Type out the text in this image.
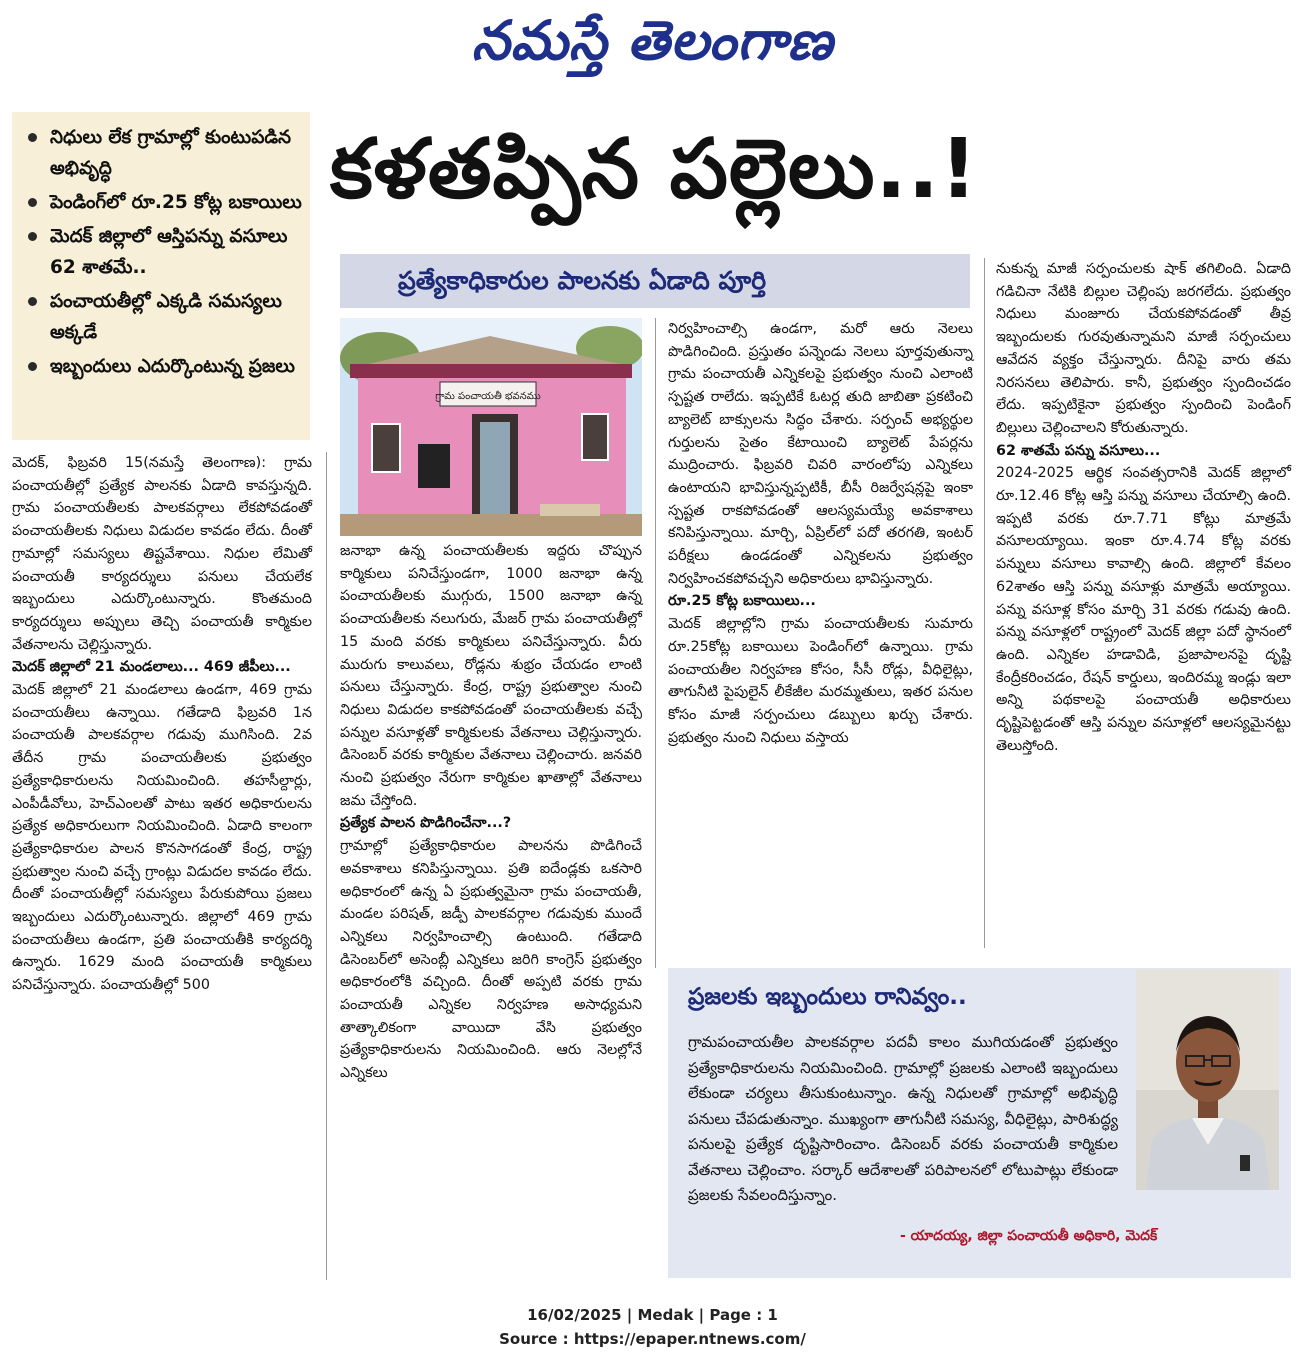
నమస్తే తెలంగాణ
నిధులు లేక గ్రామాల్లో కుంటుపడిన అభివృద్ధి
పెండింగ్‌లో రూ.25 కోట్ల బకాయిలు
మెదక్ జిల్లాలో ఆస్తిపన్ను వసూలు 62 శాతమే..
పంచాయతీల్లో ఎక్కడి సమస్యలు అక్కడే
ఇబ్బందులు ఎదుర్కొంటున్న ప్రజలు
కళతప్పిన పల్లెలు..!
ప్రత్యేకాధికారుల పాలనకు ఏడాది పూర్తి
గ్రామ పంచాయతీ భవనము

మెదక్, ఫిబ్రవరి 15(నమస్తే తెలంగాణ): గ్రామ పంచాయతీల్లో ప్రత్యేక పాలనకు ఏడాది కావస్తున్నది. గ్రామ పంచాయతీలకు పాలకవర్గాలు లేకపోవడంతో పంచాయతీలకు నిధులు విడుదల కావడం లేదు. దీంతో గ్రామాల్లో సమస్యలు తిష్టవేశాయి. నిధుల లేమితో పంచాయతీ కార్యదర్శులు పనులు చేయలేక ఇబ్బందులు ఎదుర్కొంటున్నారు. కొంతమంది కార్యదర్శులు అప్పులు తెచ్చి పంచాయతీ కార్మికుల వేతనాలను చెల్లిస్తున్నారు.

మెదక్ జిల్లాలో 21 మండలాలు... 469 జీపీలు...

మెదక్ జిల్లాలో 21 మండలాలు ఉండగా, 469 గ్రామ పంచాయతీలు ఉన్నాయి. గతేడాది ఫిబ్రవరి 1న పంచాయతీ పాలకవర్గాల గడువు ముగిసింది. 2వ తేదీన గ్రామ పంచాయతీలకు ప్రభుత్వం ప్రత్యేకాధికారులను నియమించింది. తహసీల్దార్లు, ఎంపీడీవోలు, హెచ్ఎంలతో పాటు ఇతర అధికారులను ప్రత్యేక అధికారులుగా నియమించింది. ఏడాది కాలంగా ప్రత్యేకాధికారుల పాలన కొనసాగడంతో కేంద్ర, రాష్ట్ర ప్రభుత్వాల నుంచి వచ్చే గ్రాంట్లు విడుదల కావడం లేదు. దీంతో పంచాయతీల్లో సమస్యలు పేరుకుపోయి ప్రజలు ఇబ్బందులు ఎదుర్కొంటున్నారు. జిల్లాలో 469 గ్రామ పంచాయతీలు ఉండగా, ప్రతి పంచాయతీకి కార్యదర్శి ఉన్నారు. 1629 మంది పంచాయతీ కార్మికులు పనిచేస్తున్నారు. పంచాయతీల్లో 500

జనాభా ఉన్న పంచాయతీలకు ఇద్దరు చొప్పున కార్మికులు పనిచేస్తుండగా, 1000 జనాభా ఉన్న పంచాయతీలకు ముగ్గురు, 1500 జనాభా ఉన్న పంచాయతీలకు నలుగురు, మేజర్ గ్రామ పంచాయతీల్లో 15 మంది వరకు కార్మికులు పనిచేస్తున్నారు. వీరు మురుగు కాలువలు, రోడ్లను శుభ్రం చేయడం లాంటి పనులు చేస్తున్నారు. కేంద్ర, రాష్ట్ర ప్రభుత్వాల నుంచి నిధులు విడుదల కాకపోవడంతో పంచాయతీలకు వచ్చే పన్నుల వసూళ్లతో కార్మికులకు వేతనాలు చెల్లిస్తున్నారు. డిసెంబర్ వరకు కార్మికుల వేతనాలు చెల్లించారు. జనవరి నుంచి ప్రభుత్వం నేరుగా కార్మికుల ఖాతాల్లో వేతనాలు జమ చేస్తోంది.

ప్రత్యేక పాలన పొడిగించేనా...?

గ్రామాల్లో ప్రత్యేకాధికారుల పాలనను పొడిగించే అవకాశాలు కనిపిస్తున్నాయి. ప్రతి ఐదేండ్లకు ఒకసారి అధికారంలో ఉన్న ఏ ప్రభుత్వమైనా గ్రామ పంచాయతీ, మండల పరిషత్, జడ్పీ పాలకవర్గాల గడువుకు ముందే ఎన్నికలు నిర్వహించాల్సి ఉంటుంది. గతేడాది డిసెంబర్‌లో అసెంబ్లీ ఎన్నికలు జరిగి కాంగ్రెస్ ప్రభుత్వం అధికారంలోకి వచ్చింది. దీంతో అప్పటి వరకు గ్రామ పంచాయతీ ఎన్నికల నిర్వహణ అసాధ్యమని తాత్కాలికంగా వాయిదా వేసి ప్రభుత్వం ప్రత్యేకాధికారులను నియమించింది. ఆరు నెలల్లోనే ఎన్నికలు

నిర్వహించాల్సి ఉండగా, మరో ఆరు నెలలు పొడిగించింది. ప్రస్తుతం పన్నెండు నెలలు పూర్తవుతున్నా గ్రామ పంచాయతీ ఎన్నికలపై ప్రభుత్వం నుంచి ఎలాంటి స్పష్టత రాలేదు. ఇప్పటికే ఓటర్ల తుది జాబితా ప్రకటించి బ్యాలెట్ బాక్సులను సిద్ధం చేశారు. సర్పంచ్ అభ్యర్థుల గుర్తులను సైతం కేటాయించి బ్యాలెట్ పేపర్లను ముద్రించారు. ఫిబ్రవరి చివరి వారంలోపు ఎన్నికలు ఉంటాయని భావిస్తున్నప్పటికీ, బీసీ రిజర్వేషన్లపై ఇంకా స్పష్టత రాకపోవడంతో ఆలస్యమయ్యే అవకాశాలు కనిపిస్తున్నాయి. మార్చి, ఏప్రిల్‌లో పదో తరగతి, ఇంటర్ పరీక్షలు ఉండడంతో ఎన్నికలను ప్రభుత్వం నిర్వహించకపోవచ్చని అధికారులు భావిస్తున్నారు.

రూ.25 కోట్ల బకాయిలు...

మెదక్ జిల్లాల్లోని గ్రామ పంచాయతీలకు సుమారు రూ.25కోట్ల బకాయిలు పెండింగ్‌లో ఉన్నాయి. గ్రామ పంచాయతీల నిర్వహణ కోసం, సీసీ రోడ్లు, వీధిలైట్లు, తాగునీటి పైపులైన్ లీకేజీల మరమ్మతులు, ఇతర పనుల కోసం మాజీ సర్పంచులు డబ్బులు ఖర్చు చేశారు. ప్రభుత్వం నుంచి నిధులు వస్తాయ

నుకున్న మాజీ సర్పంచులకు షాక్ తగిలింది. ఏడాది గడిచినా నేటికి బిల్లుల చెల్లింపు జరగలేదు. ప్రభుత్వం నిధులు మంజూరు చేయకపోవడంతో తీవ్ర ఇబ్బందులకు గురవుతున్నామని మాజీ సర్పంచులు ఆవేదన వ్యక్తం చేస్తున్నారు. దీనిపై వారు తమ నిరసనలు తెలిపారు. కానీ, ప్రభుత్వం స్పందించడం లేదు. ఇప్పటికైనా ప్రభుత్వం స్పందించి పెండింగ్ బిల్లులు చెల్లించాలని కోరుతున్నారు.

62 శాతమే పన్ను వసూలు...

2024-2025 ఆర్థిక సంవత్సరానికి మెదక్ జిల్లాలో రూ.12.46 కోట్ల ఆస్తి పన్ను వసూలు చేయాల్సి ఉంది. ఇప్పటి వరకు రూ.7.71 కోట్లు మాత్రమే వసూలయ్యాయి. ఇంకా రూ.4.74 కోట్ల వరకు పన్నులు వసూలు కావాల్సి ఉంది. జిల్లాలో కేవలం 62శాతం ఆస్తి పన్ను వసూళ్లు మాత్రమే అయ్యాయి. పన్ను వసూళ్ల కోసం మార్చి 31 వరకు గడువు ఉంది. పన్ను వసూళ్లలో రాష్ట్రంలో మెదక్ జిల్లా పదో స్థానంలో ఉంది. ఎన్నికల హడావిడి, ప్రజాపాలనపై దృష్టి కేంద్రీకరించడం, రేషన్ కార్డులు, ఇందిరమ్మ ఇండ్లు ఇలా అన్ని పథకాలపై పంచాయతీ అధికారులు దృష్టిపెట్టడంతో ఆస్తి పన్నుల వసూళ్లలో ఆలస్యమైనట్టు తెలుస్తోంది.

ప్రజలకు ఇబ్బందులు రానివ్వం..
గ్రామపంచాయతీల పాలకవర్గాల పదవీ కాలం ముగియడంతో ప్రభుత్వం ప్రత్యేకాధికారులను నియమించింది. గ్రామాల్లో ప్రజలకు ఎలాంటి ఇబ్బందులు లేకుండా చర్యలు తీసుకుంటున్నాం. ఉన్న నిధులతో గ్రామాల్లో అభివృద్ధి పనులు చేపడుతున్నాం. ముఖ్యంగా తాగునీటి సమస్య, వీధిలైట్లు, పారిశుద్ధ్య పనులపై ప్రత్యేక దృష్టిసారించాం. డిసెంబర్ వరకు పంచాయతీ కార్మికుల వేతనాలు చెల్లించాం. సర్కార్ ఆదేశాలతో పరిపాలనలో లోటుపాట్లు లేకుండా ప్రజలకు సేవలందిస్తున్నాం.
- యాదయ్య, జిల్లా పంచాయతీ అధికారి, మెదక్
16/02/2025 | Medak | Page : 1
Source : https://epaper.ntnews.com/
